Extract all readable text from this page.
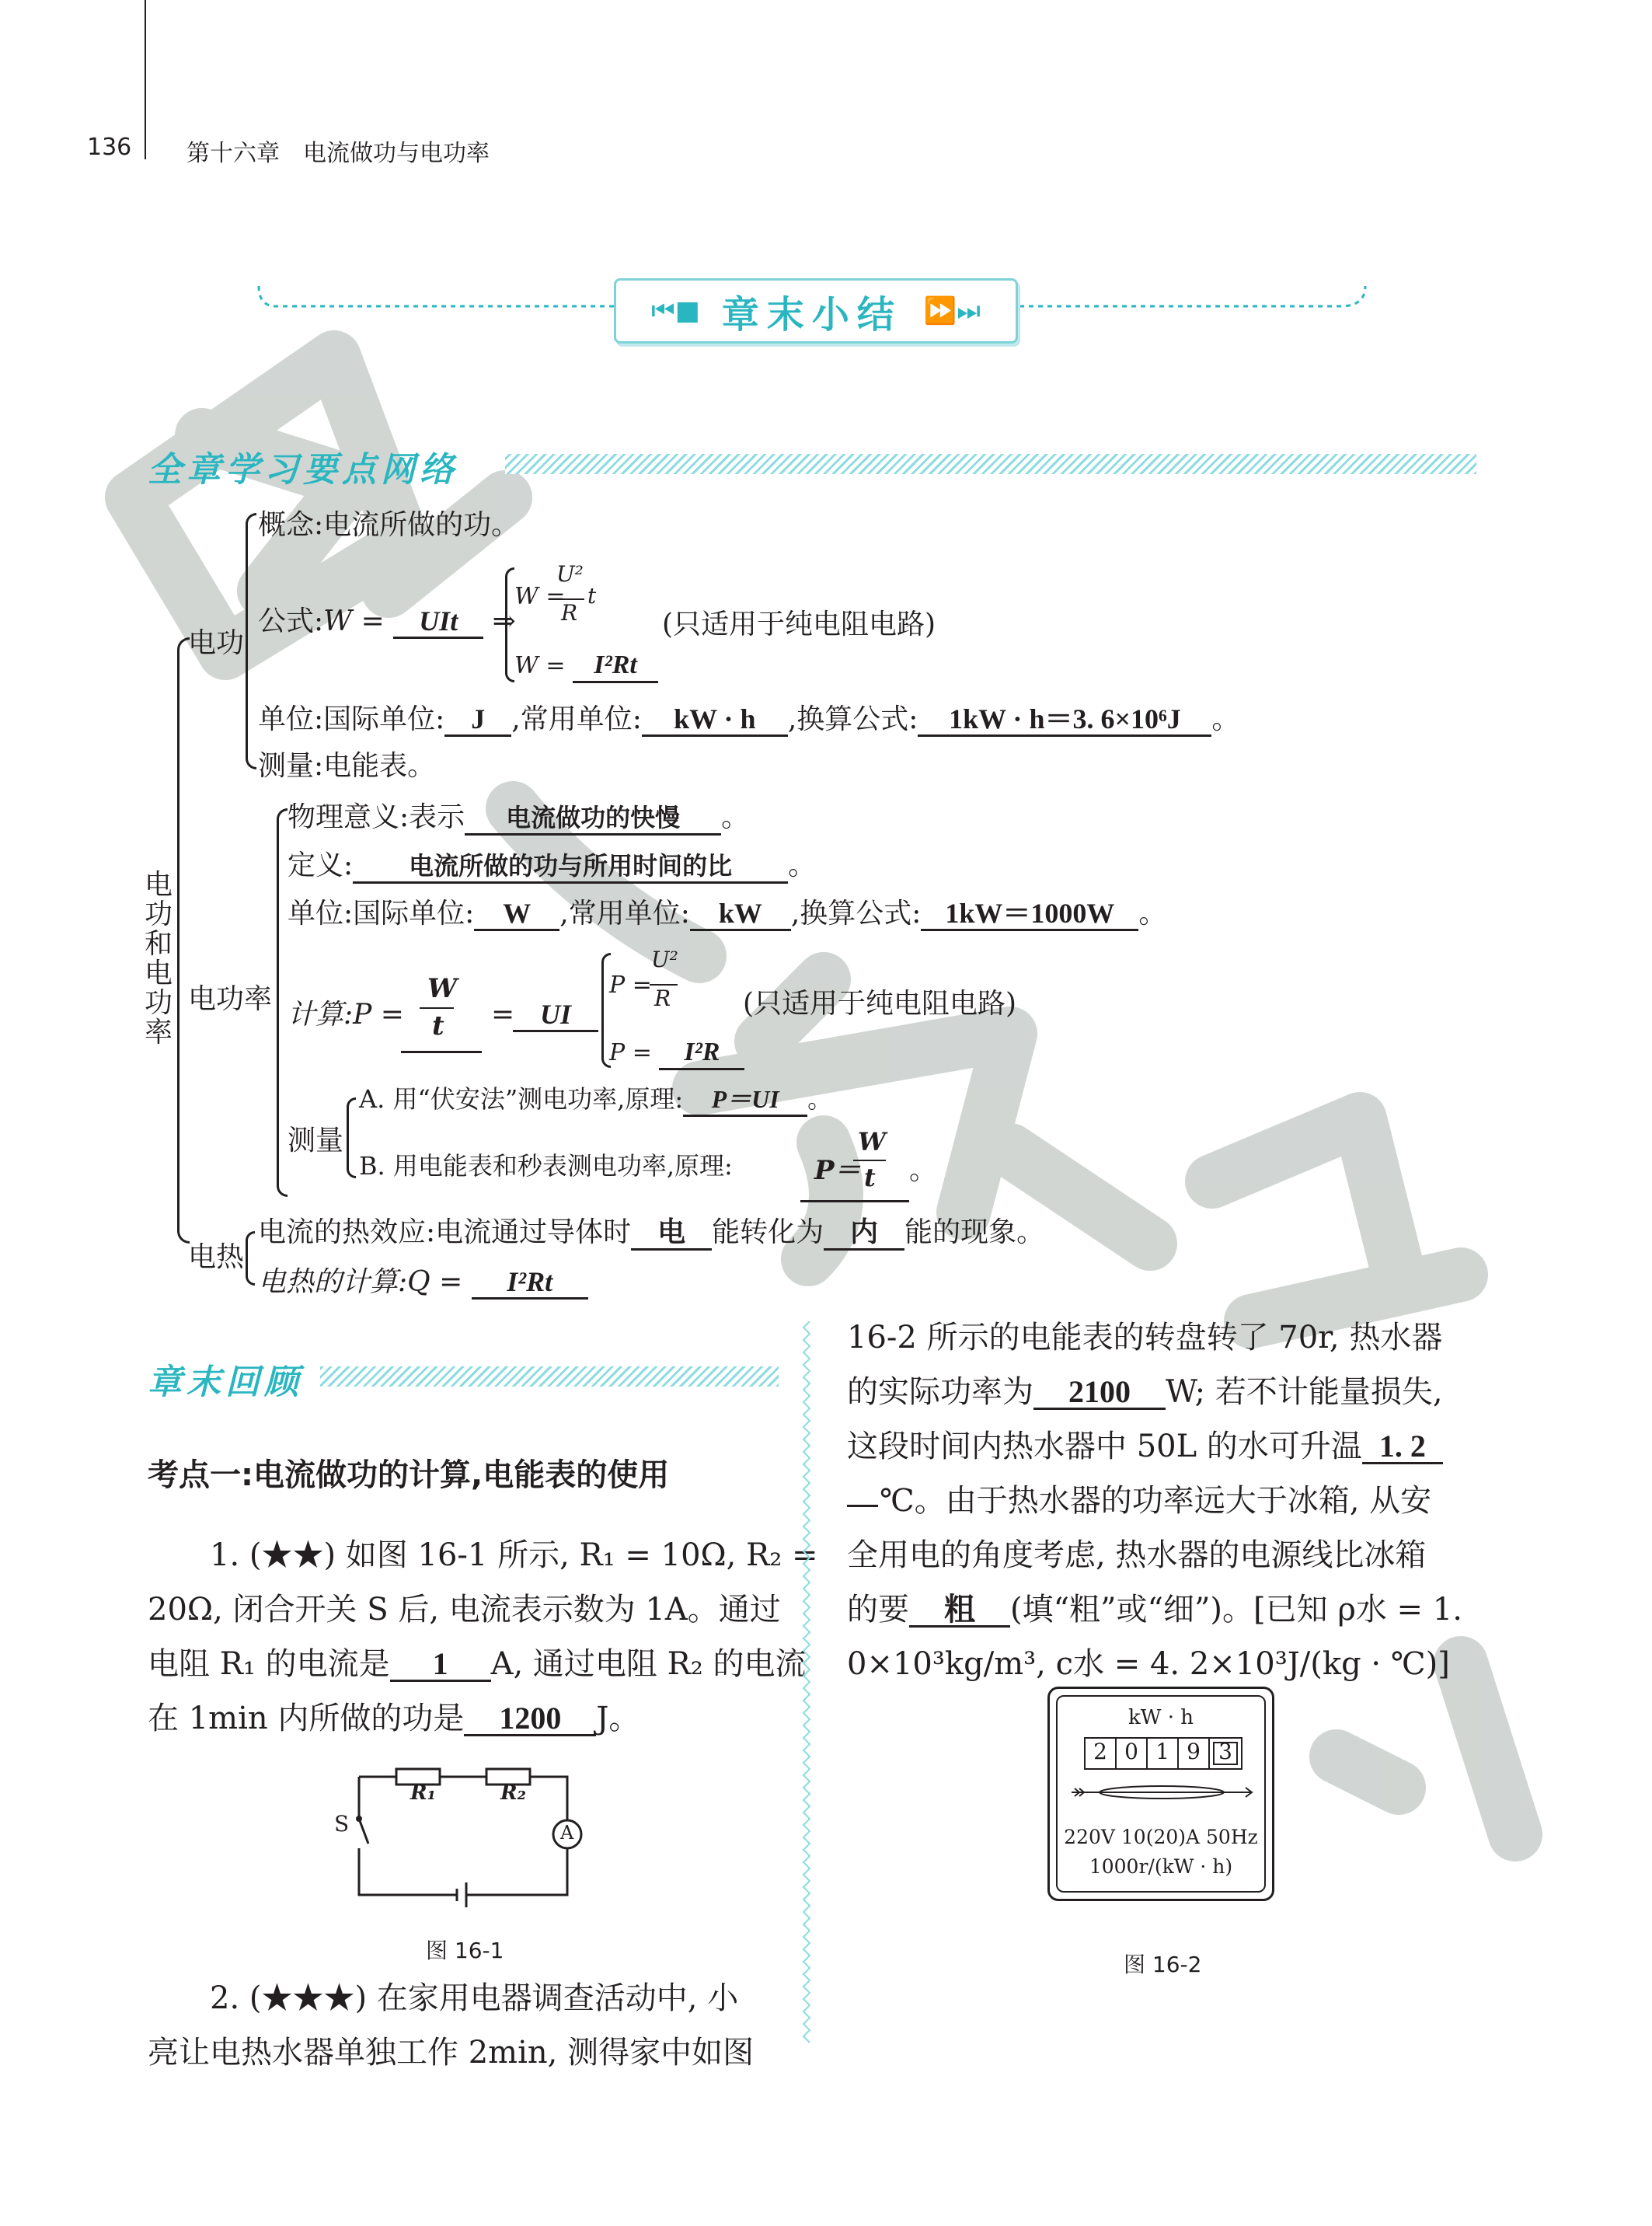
136 第十六章　电流做功与电功率
⏮■ 章末小结 ⏩⏭
全章学习要点网络
电功和电功率
电功
概念:电流所做的功。
公式:W = UIt ⇒
U²
W =
R
t
W = I²Rt
(只适用于纯电阻电路)
单位:国际单位: J ,常用单位: kW · h ,换算公式: 1kW · h＝3. 6×10⁶J 。
测量:电能表。
电功率
物理意义:表示 电流做功的快慢 。
定义: 电流所做的功与所用时间的比 。
单位:国际单位: W ,常用单位: kW ,换算公式: 1kW＝1000W 。
计算:P =
W
t = UI
P =
U²
R
P = I²R
(只适用于纯电阻电路)
测量
A. 用“伏安法”测电功率,原理: P＝UI 。
B. 用电能表和秒表测电功率,原理:	P＝
W
t 。
电热
电流的热效应:电流通过导体时 电 能转化为 内 能的现象。
电热的计算:Q = I²Rt
章末回顾
考点一:电流做功的计算,电能表的使用
1. (★★) 如图 16-1 所示, R₁ = 10Ω, R₂ =
20Ω, 闭合开关 S 后, 电流表示数为 1A。通过
电阻 R₁ 的电流是 1 A, 通过电阻 R₂ 的电流
在 1min 内所做的功是 1200 J。
R₁	R₂
S	A
图 16-1
2. (★★★) 在家用电器调查活动中, 小
亮让电热水器单独工作 2min, 测得家中如图
16-2 所示的电能表的转盘转了 70r, 热水器
的实际功率为 2100 W; 若不计能量损失,
这段时间内热水器中 50L 的水可升温 1. 2
℃。由于热水器的功率远大于冰箱, 从安
全用电的角度考虑, 热水器的电源线比冰箱
的要 粗 (填“粗”或“细”)。[已知 ρ水 = 1.
0×10³kg/m³, c水 = 4. 2×10³J/(kg · ℃)]
kW · h
2 0 1 9 3
220V 10(20)A 50Hz
1000r/(kW · h)
图 16-2
